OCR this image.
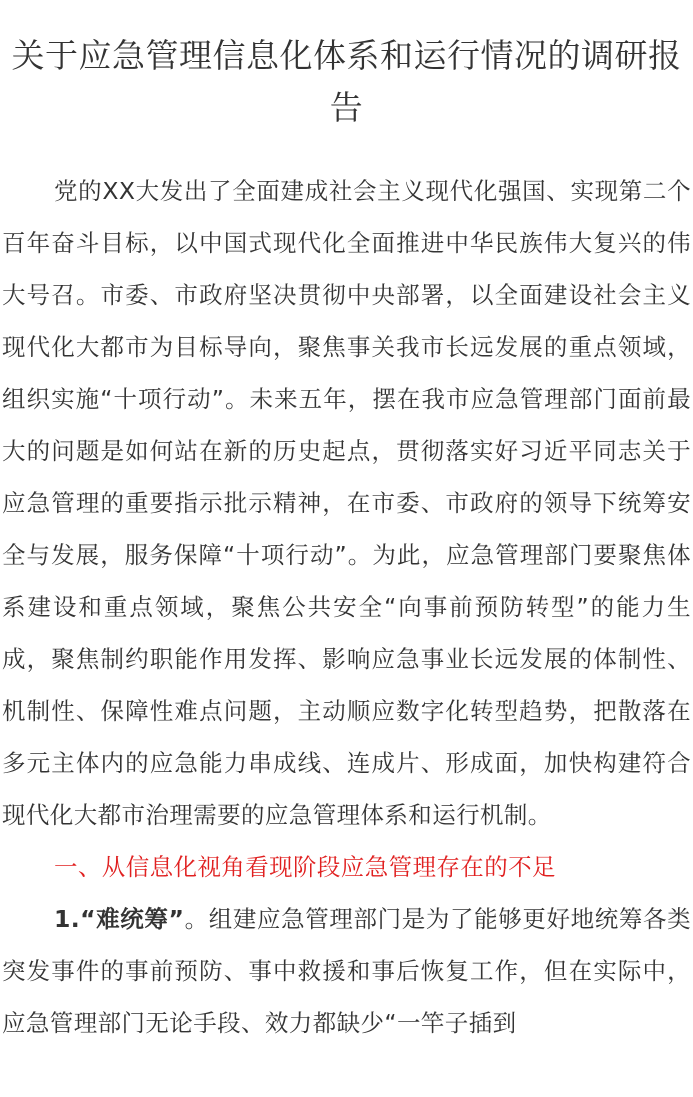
关于应急管理信息化体系和运行情况的调研报告

党的XX大发出了全面建成社会主义现代化强国、实现第二个百年奋斗目标，以中国式现代化全面推进中华民族伟大复兴的伟大号召。市委、市政府坚决贯彻中央部署，以全面建设社会主义现代化大都市为目标导向，聚焦事关我市长远发展的重点领域，组织实施“十项行动”。未来五年，摆在我市应急管理部门面前最大的问题是如何站在新的历史起点，贯彻落实好习近平同志关于应急管理的重要指示批示精神，在市委、市政府的领导下统筹安全与发展，服务保障“十项行动”。为此，应急管理部门要聚焦体系建设和重点领域，聚焦公共安全“向事前预防转型”的能力生成，聚焦制约职能作用发挥、影响应急事业长远发展的体制性、机制性、保障性难点问题，主动顺应数字化转型趋势，把散落在多元主体内的应急能力串成线、连成片、形成面，加快构建符合现代化大都市治理需要的应急管理体系和运行机制。

一、从信息化视角看现阶段应急管理存在的不足

1.“难统筹”。组建应急管理部门是为了能够更好地统筹各类突发事件的事前预防、事中救援和事后恢复工作，但在实际中，应急管理部门无论手段、效力都缺少“一竿子插到
